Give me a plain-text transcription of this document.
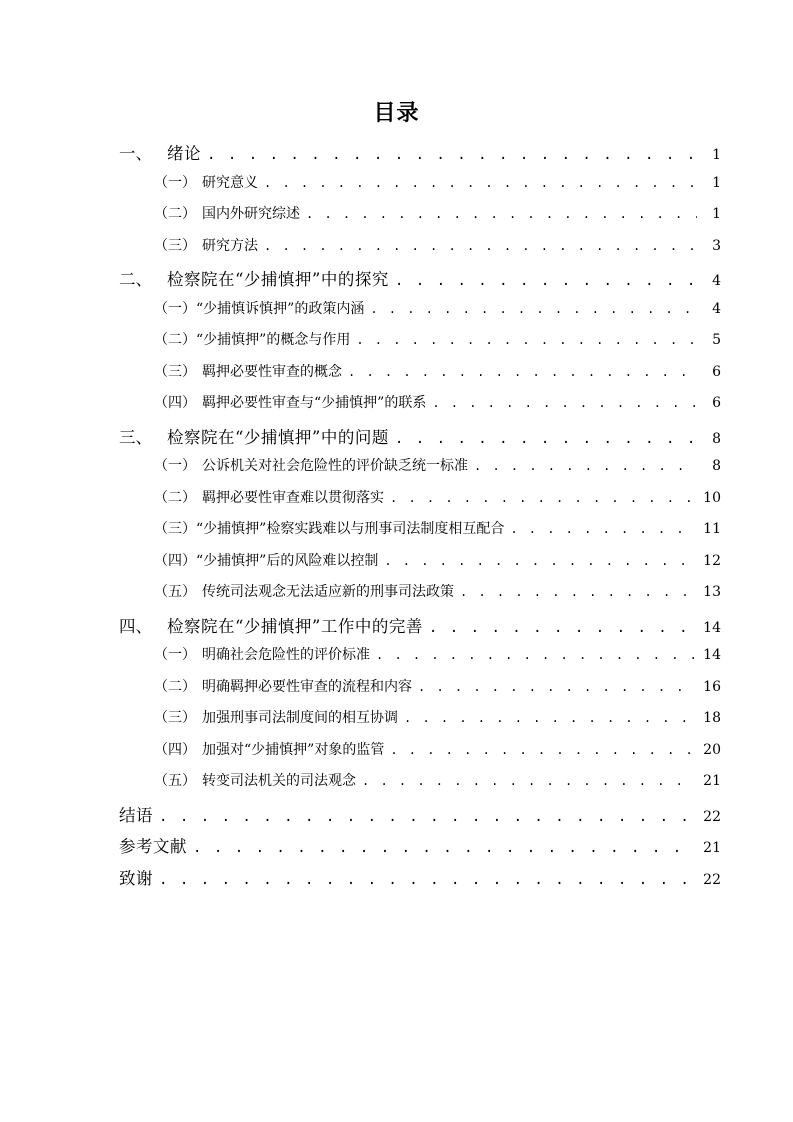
目录
一、 绪论 . . .	1
（一） 研究意义 . . .	1
（二） 国内外研究综述 . . .	1
（三） 研究方法 . . .	3
二、 检察院在“少捕慎押”中的探究 . . .	4
（一）“少捕慎诉慎押”的政策内涵 . . .	4
（二）“少捕慎押”的概念与作用 . . .	5
（三） 羁押必要性审查的概念 . . .	6
（四） 羁押必要性审查与“少捕慎押”的联系 . . .	6
三、 检察院在“少捕慎押”中的问题 . . .	8
（一） 公诉机关对社会危险性的评价缺乏统一标准 . . .	8
（二） 羁押必要性审查难以贯彻落实 . . .	10
（三）“少捕慎押”检察实践难以与刑事司法制度相互配合 . . .	11
（四）“少捕慎押”后的风险难以控制 . . .	12
（五） 传统司法观念无法适应新的刑事司法政策 . . .	13
四、 检察院在“少捕慎押”工作中的完善 . . .	14
（一） 明确社会危险性的评价标准 . . .	14
（二） 明确羁押必要性审查的流程和内容 . . .	16
（三） 加强刑事司法制度间的相互协调 . . .	18
（四） 加强对“少捕慎押”对象的监管 . . .	20
（五） 转变司法机关的司法观念 . . .	21
结语 . . .	22
参考文献 . . .	21
致谢 . . .	22
